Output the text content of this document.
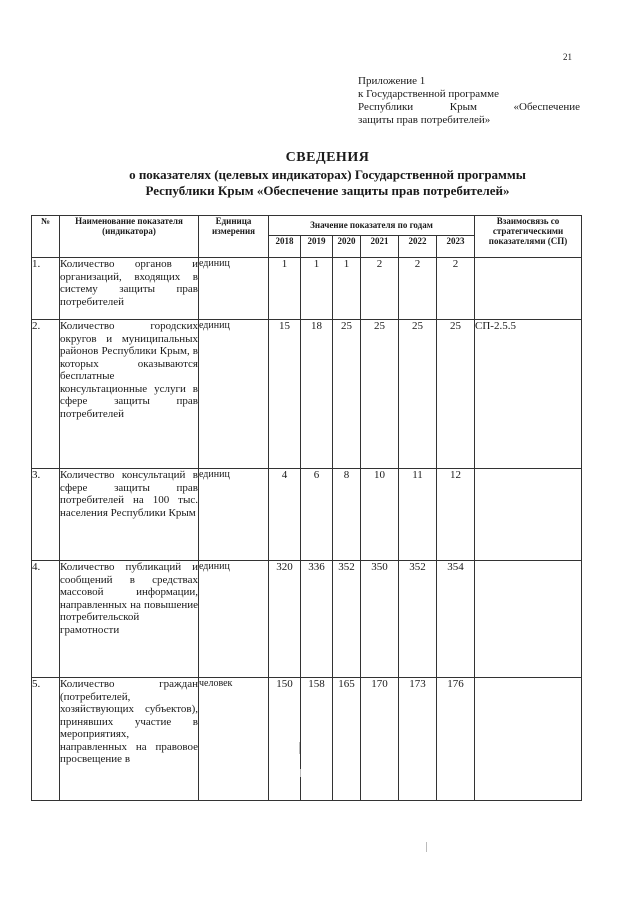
21
Приложение 1
к Государственной программе
Республики Крым «Обеспечение
защиты прав потребителей»
СВЕДЕНИЯ
о показателях (целевых индикаторах) Государственной программы
Республики Крым «Обеспечение защиты прав потребителей»
№	Наименование показателя (индикатора)	Единица измерения	Значение показателя по годам						Взаимосвязь со стратегическими показателями (СП)
			2018	2019	2020	2021	2022	2023	
1.	Количество органов и организаций, входящих в систему защиты прав потребителей	единиц	1	1	1	2	2	2	
2.	Количество городских округов и муниципальных районов Республики Крым, в которых оказываются бесплатные консультационные услуги в сфере защиты прав потребителей	единиц	15	18	25	25	25	25	СП-2.5.5
3.	Количество консультаций в сфере защиты прав потребителей на 100 тыс. населения Республики Крым	единиц	4	6	8	10	11	12	
4.	Количество публикаций и сообщений в средствах массовой информации, направленных на повышение потребительской грамотности	единиц	320	336	352	350	352	354	
5.	Количество граждан (потребителей, хозяйствующих субъектов), принявших участие в мероприятиях, направленных на правовое просвещение в	человек	150	158	165	170	173	176	
